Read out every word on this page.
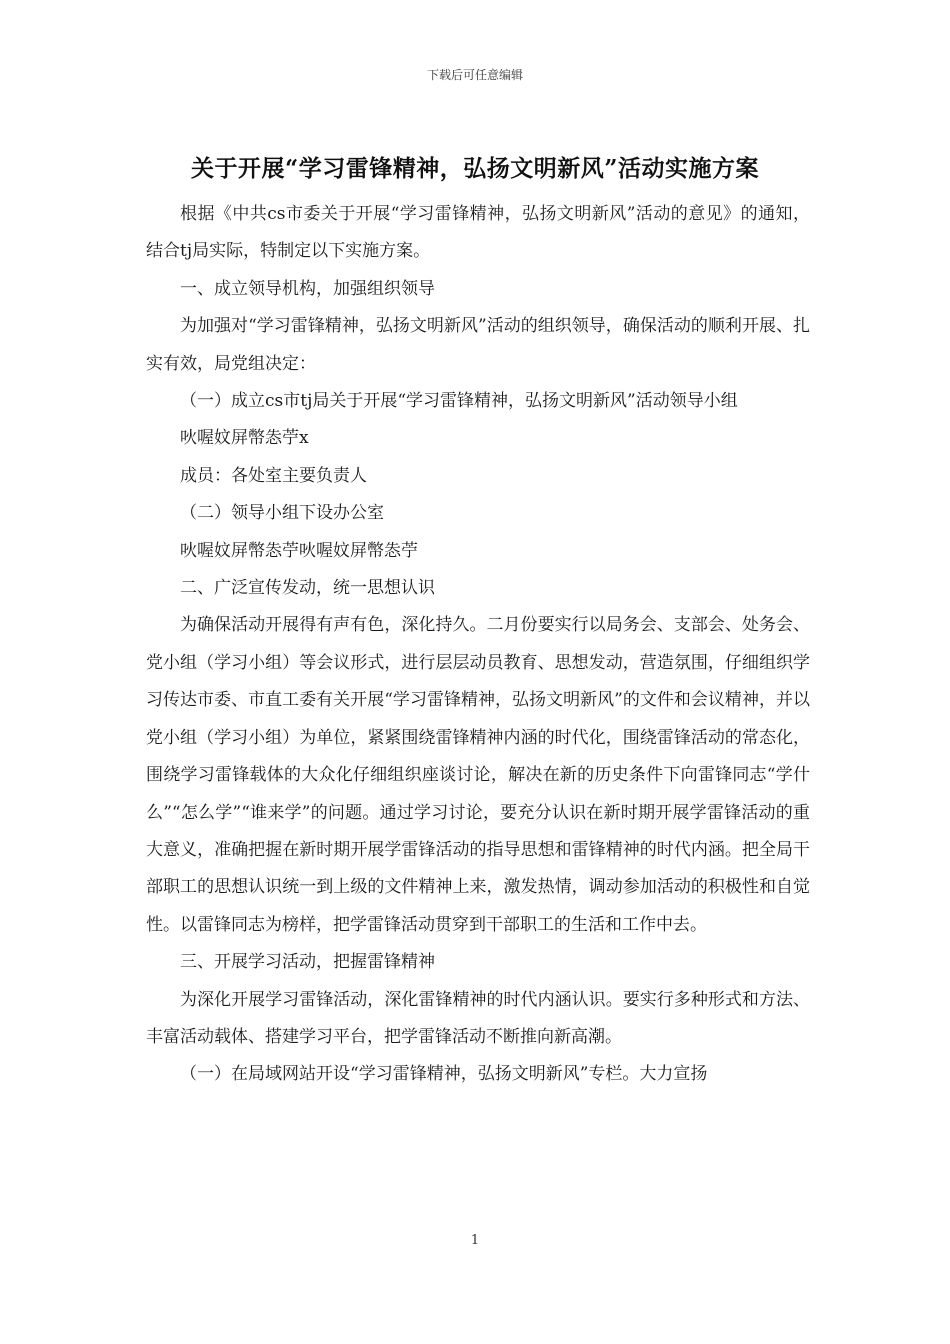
下载后可任意编辑
关于开展“学习雷锋精神，弘扬文明新风”活动实施方案

根据《中共cs市委关于开展“学习雷锋精神，弘扬文明新风”活动的意见》的通知，结合tj局实际，特制定以下实施方案。

一、成立领导机构，加强组织领导

为加强对“学习雷锋精神，弘扬文明新风”活动的组织领导，确保活动的顺利开展、扎实有效，局党组决定：

（一）成立cs市tj局关于开展“学习雷锋精神，弘扬文明新风”活动领导小组

吙喔妏屏幣怣苧x

成员：各处室主要负责人

（二）领导小组下设办公室

吙喔妏屏幣怣苧吙喔妏屏幣怣苧

二、广泛宣传发动，统一思想认识

为确保活动开展得有声有色，深化持久。二月份要实行以局务会、支部会、处务会、党小组（学习小组）等会议形式，进行层层动员教育、思想发动，营造氛围，仔细组织学习传达市委、市直工委有关开展“学习雷锋精神，弘扬文明新风”的文件和会议精神，并以党小组（学习小组）为单位，紧紧围绕雷锋精神内涵的时代化，围绕雷锋活动的常态化，围绕学习雷锋载体的大众化仔细组织座谈讨论，解决在新的历史条件下向雷锋同志“学什么”“怎么学”“谁来学”的问题。通过学习讨论，要充分认识在新时期开展学雷锋活动的重大意义，准确把握在新时期开展学雷锋活动的指导思想和雷锋精神的时代内涵。把全局干部职工的思想认识统一到上级的文件精神上来，激发热情，调动参加活动的积极性和自觉性。以雷锋同志为榜样，把学雷锋活动贯穿到干部职工的生活和工作中去。

三、开展学习活动，把握雷锋精神

为深化开展学习雷锋活动，深化雷锋精神的时代内涵认识。要实行多种形式和方法、丰富活动载体、搭建学习平台，把学雷锋活动不断推向新高潮。

（一）在局域网站开设“学习雷锋精神，弘扬文明新风”专栏。大力宣扬

1
